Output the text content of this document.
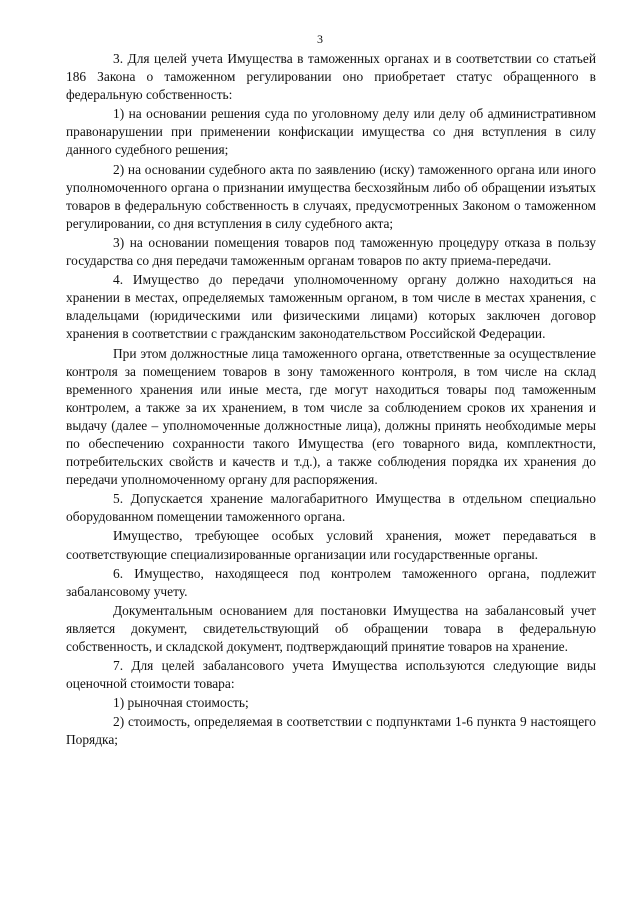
3

3. Для целей учета Имущества в таможенных органах и в соответствии со статьей 186 Закона о таможенном регулировании оно приобретает статус обращенного в федеральную собственность:

1) на основании решения суда по уголовному делу или делу об административном правонарушении при применении конфискации имущества со дня вступления в силу данного судебного решения;

2) на основании судебного акта по заявлению (иску) таможенного органа или иного уполномоченного органа о признании имущества бесхозяйным либо об обращении изъятых товаров в федеральную собственность в случаях, предусмотренных Законом о таможенном регулировании, со дня вступления в силу судебного акта;

3) на основании помещения товаров под таможенную процедуру отказа в пользу государства со дня передачи таможенным органам товаров по акту приема-передачи.

4. Имущество до передачи уполномоченному органу должно находиться на хранении в местах, определяемых таможенным органом, в том числе в местах хранения, с владельцами (юридическими или физическими лицами) которых заключен договор хранения в соответствии с гражданским законодательством Российской Федерации.

При этом должностные лица таможенного органа, ответственные за осуществление контроля за помещением товаров в зону таможенного контроля, в том числе на склад временного хранения или иные места, где могут находиться товары под таможенным контролем, а также за их хранением, в том числе за соблюдением сроков их хранения и выдачу (далее – уполномоченные должностные лица), должны принять необходимые меры по обеспечению сохранности такого Имущества (его товарного вида, комплектности, потребительских свойств и качеств и т.д.), а также соблюдения порядка их хранения до передачи уполномоченному органу для распоряжения.

5. Допускается хранение малогабаритного Имущества в отдельном специально оборудованном помещении таможенного органа.

Имущество, требующее особых условий хранения, может передаваться в соответствующие специализированные организации или государственные органы.

6. Имущество, находящееся под контролем таможенного органа, подлежит забалансовому учету.

Документальным основанием для постановки Имущества на забалансовый учет является документ, свидетельствующий об обращении товара в федеральную собственность, и складской документ, подтверждающий принятие товаров на хранение.

7. Для целей забалансового учета Имущества используются следующие виды оценочной стоимости товара:

1) рыночная стоимость;

2) стоимость, определяемая в соответствии с подпунктами 1-6 пункта 9 настоящего Порядка;
